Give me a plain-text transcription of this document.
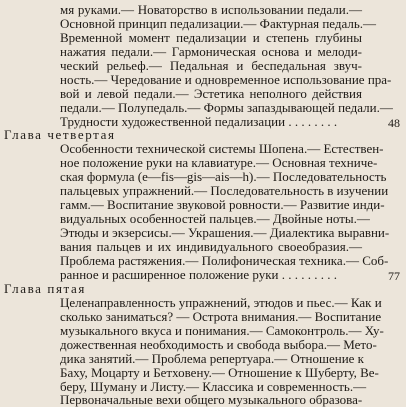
мя руками.— Новаторство в использовании педали.—
Основной принцип педализации.— Фактурная педаль.—
Временной момент педализации и степень глубины
нажатия педали.— Гармоническая основа и мелоди-
ческий рельеф.— Педальная и беспедальная звуч-
ность.— Чередование и одновременное использование пра-
вой и левой педали.— Эстетика неполного действия
педали.— Полупедаль.— Формы запаздывающей педали.—
Трудности художественной педализации . . . . . . . .	48
Глава четвертая
Особенности технической системы Шопена.— Естествен-
ное положение руки на клавиатуре.— Основная техниче-
ская формула (e—fis—gis—ais—h).— Последовательность
пальцевых упражнений.— Последовательность в изучении
гамм.— Воспитание звуковой ровности.— Развитие инди-
видуальных особенностей пальцев.— Двойные ноты.—
Этюды и экзерсисы.— Украшения.— Диалектика выравни-
вания пальцев и их индивидуального своеобразия.—
Проблема растяжения.— Полифоническая техника.— Соб-
ранное и расширенное положение руки . . . . . . . . .	77
Глава пятая
Целенаправленность упражнений, этюдов и пьес.— Как и
сколько заниматься? — Острота внимания.— Воспитание
музыкального вкуса и понимания.— Самоконтроль.— Ху-
дожественная необходимость и свобода выбора.— Мето-
дика занятий.— Проблема репертуара.— Отношение к
Баху, Моцарту и Бетховену.— Отношение к Шуберту, Ве-
беру, Шуману и Листу.— Классика и современность.—
Первоначальные вехи общего музыкального образова-
